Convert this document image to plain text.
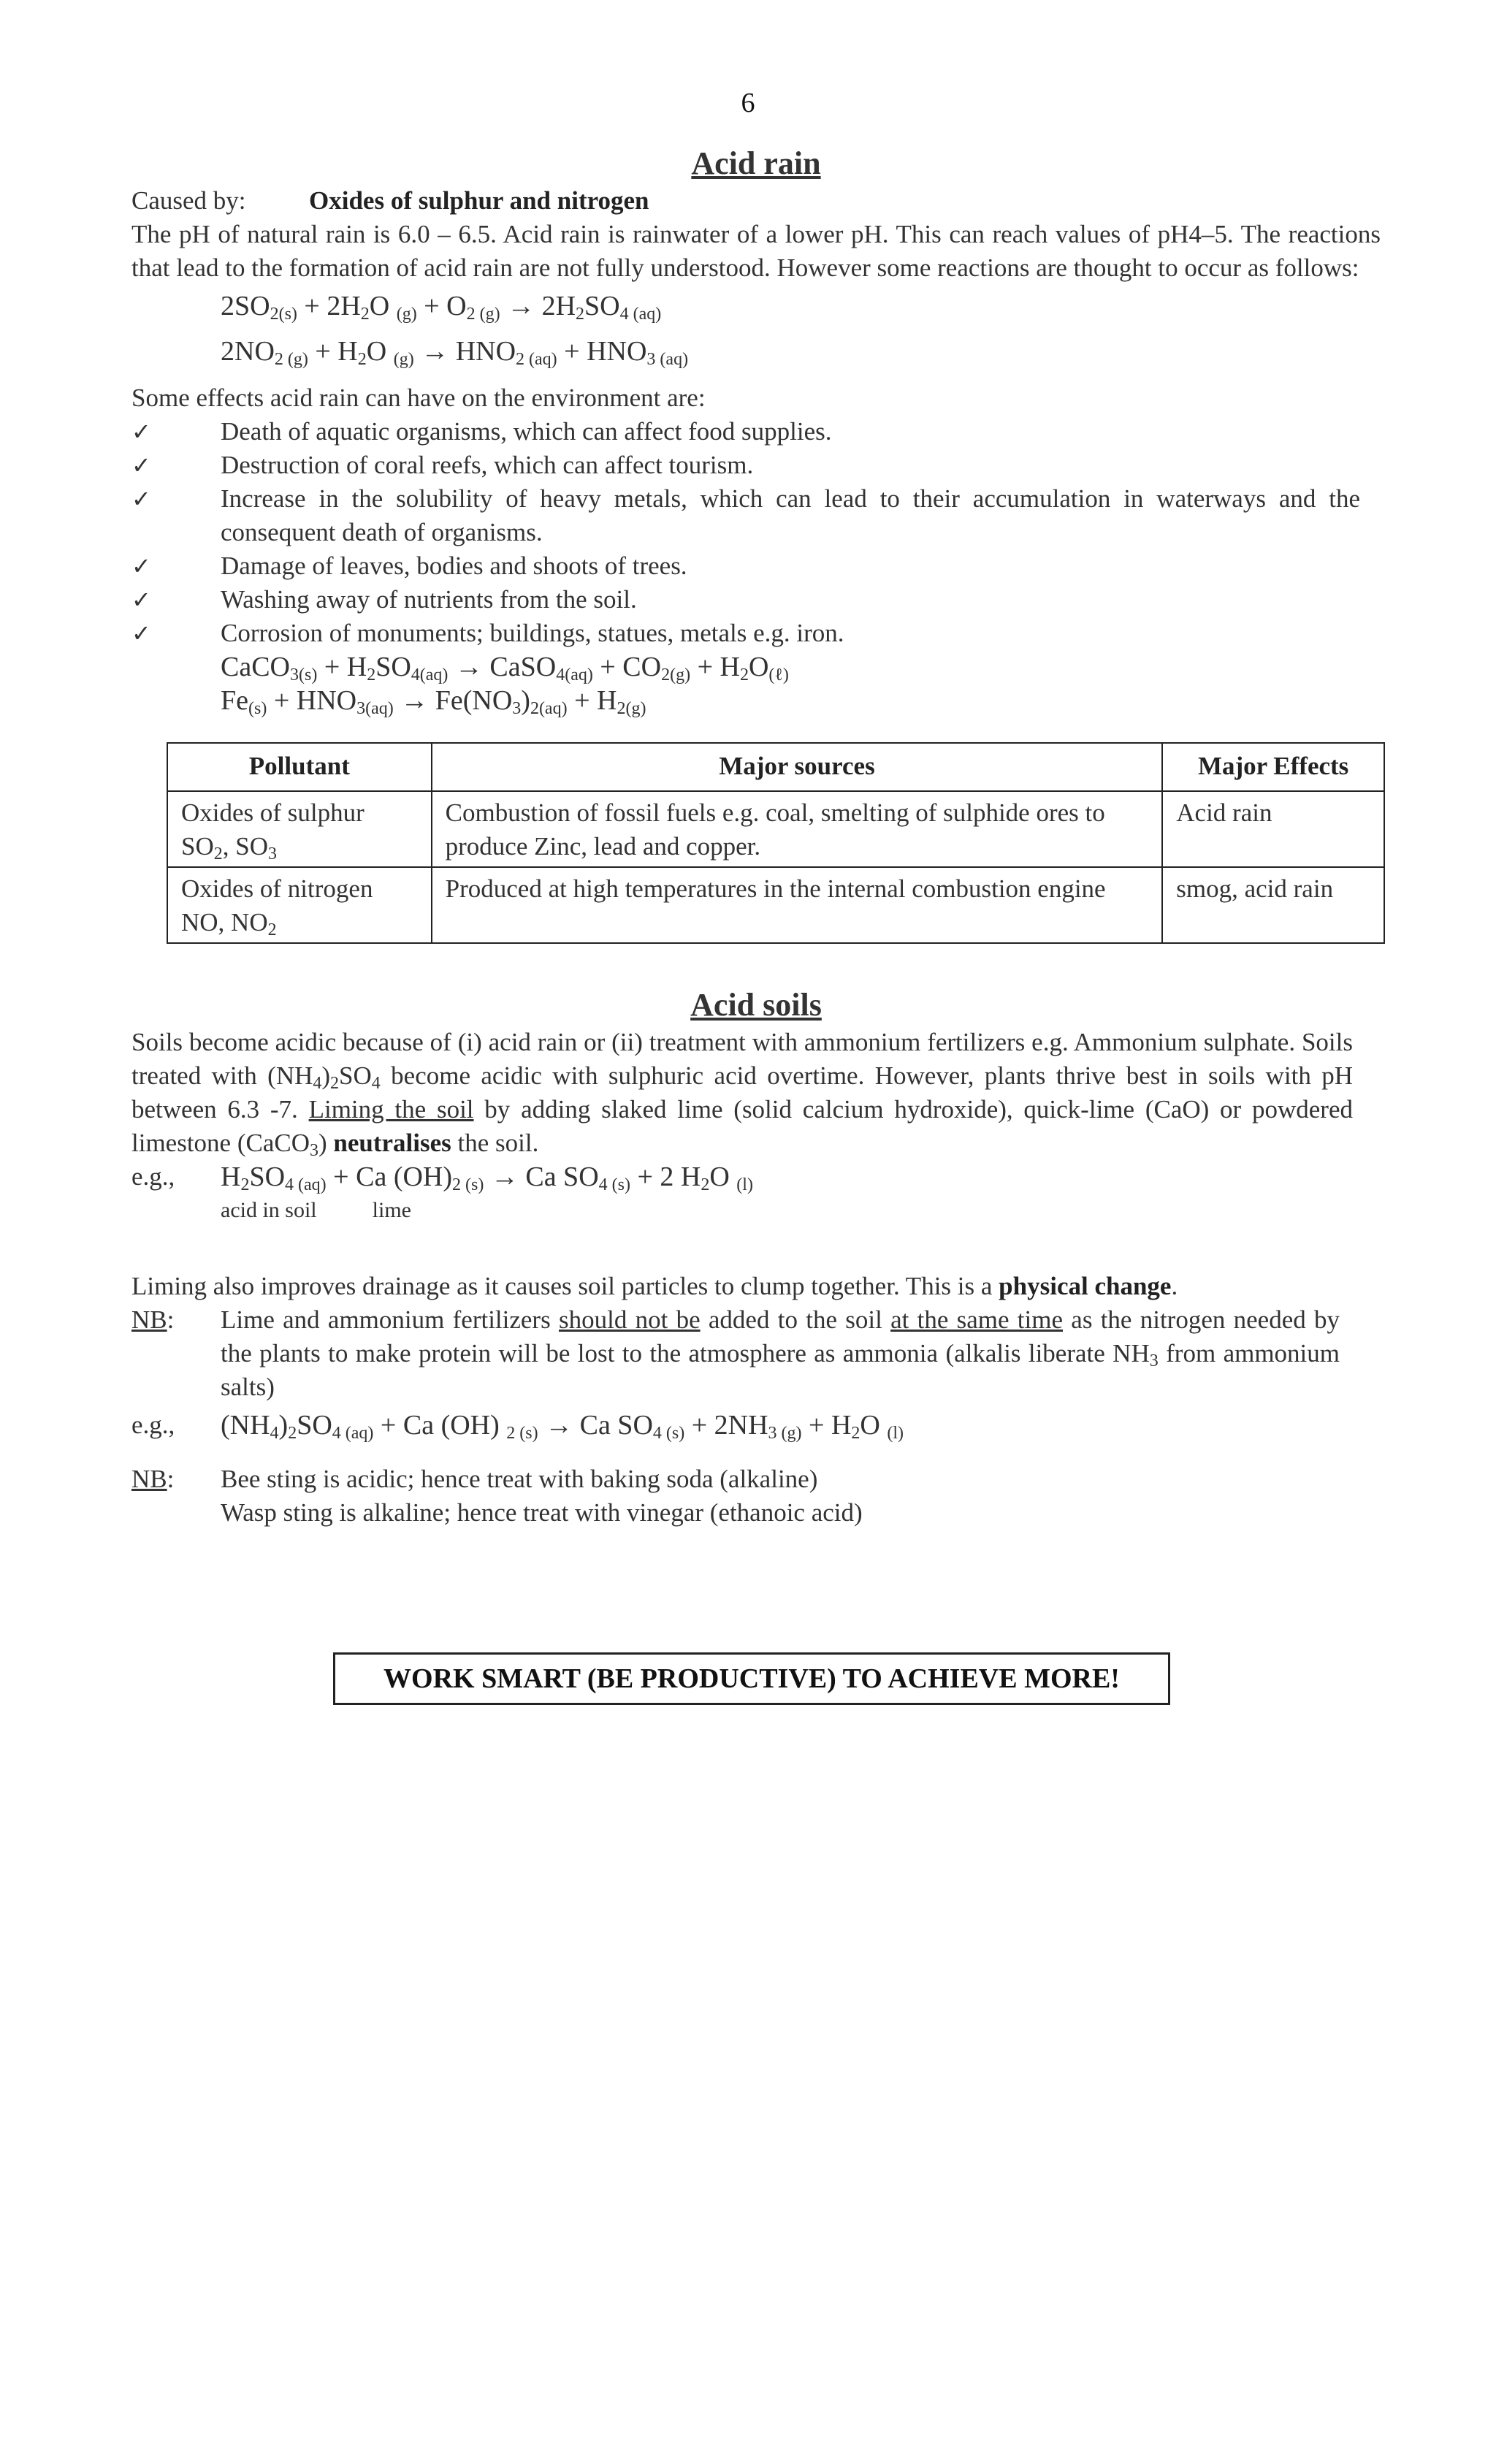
6
Acid rain
Caused by:	Oxides of sulphur and nitrogen

The pH of natural rain is 6.0 – 6.5. Acid rain is rainwater of a lower pH. This can reach values of pH4–5. The reactions that lead to the formation of acid rain are not fully understood. However some reactions are thought to occur as follows:

$2SO_{2(s)} + 2H_2O$ $_{(g)} + O_{2 (g)} \to 2H_2SO_{4 (aq)}$
$2NO_{2 (g)} + H_2O$ $_{(g)} \to HNO_{2 (aq)} + HNO_{3 (aq)}$

Some effects acid rain can have on the environment are:

✓	Death of aquatic organisms, which can affect food supplies.
✓	Destruction of coral reefs, which can affect tourism.
✓	Increase in the solubility of heavy metals, which can lead to their accumulation in waterways and the consequent death of organisms.
✓	Damage of leaves, bodies and shoots of trees.
✓	Washing away of nutrients from the soil.
✓	Corrosion of monuments; buildings, statues, metals e.g. iron.
CaCO$_{3(s)}$ + $H_2SO_{4(aq)}$ → CaSO$_{4(aq)}$ + $CO_{2(g)} + H_2O_{(\ell)}$
$Fe_{(s)} + HNO_{3(aq)} \to Fe(NO_3)_{2(aq)} + H_{2(g)}$
Pollutant	Major sources	Major Effects
Oxides of sulphur
$SO_2$, $SO_3$	Combustion of fossil fuels e.g. coal, smelting of sulphide ores to produce Zinc, lead and copper.	Acid rain
Oxides of nitrogen
NO, $NO_2$	Produced at high temperatures in the internal combustion engine	smog, acid rain
Acid soils

Soils become acidic because of (i) acid rain or (ii) treatment with ammonium fertilizers e.g. Ammonium sulphate. Soils treated with $(NH_4)_2SO_4$ become acidic with sulphuric acid overtime. However, plants thrive best in soils with pH between 6.3 -7. Liming the soil by adding slaked lime (solid calcium hydroxide), quick-lime (CaO) or powdered limestone (CaCO$_3$) neutralises the soil.

e.g.,	$H_2SO_{4 (aq)} + Ca$ $(OH)_{2 (s)} \to Ca$ $SO_{4 (s)} + 2$ $H_2O$ $_{(l)}$
acid in soil	lime

Liming also improves drainage as it causes soil particles to clump together. This is a physical change.

NB:	Lime and ammonium fertilizers should not be added to the soil at the same time as the nitrogen needed by the plants to make protein will be lost to the atmosphere as ammonia (alkalis liberate $NH_3$ from ammonium salts)
e.g.,	$(NH_4)_2SO_{4 (aq)} + Ca$ (OH) $_{2 (s)}$ → Ca $SO_{4 (s)} + 2NH_{3 (g)} + H_2O$ $_{(l)}$
NB:	Bee sting is acidic; hence treat with baking soda (alkaline)
Wasp sting is alkaline; hence treat with vinegar (ethanoic acid)
WORK SMART (BE PRODUCTIVE) TO ACHIEVE MORE!
